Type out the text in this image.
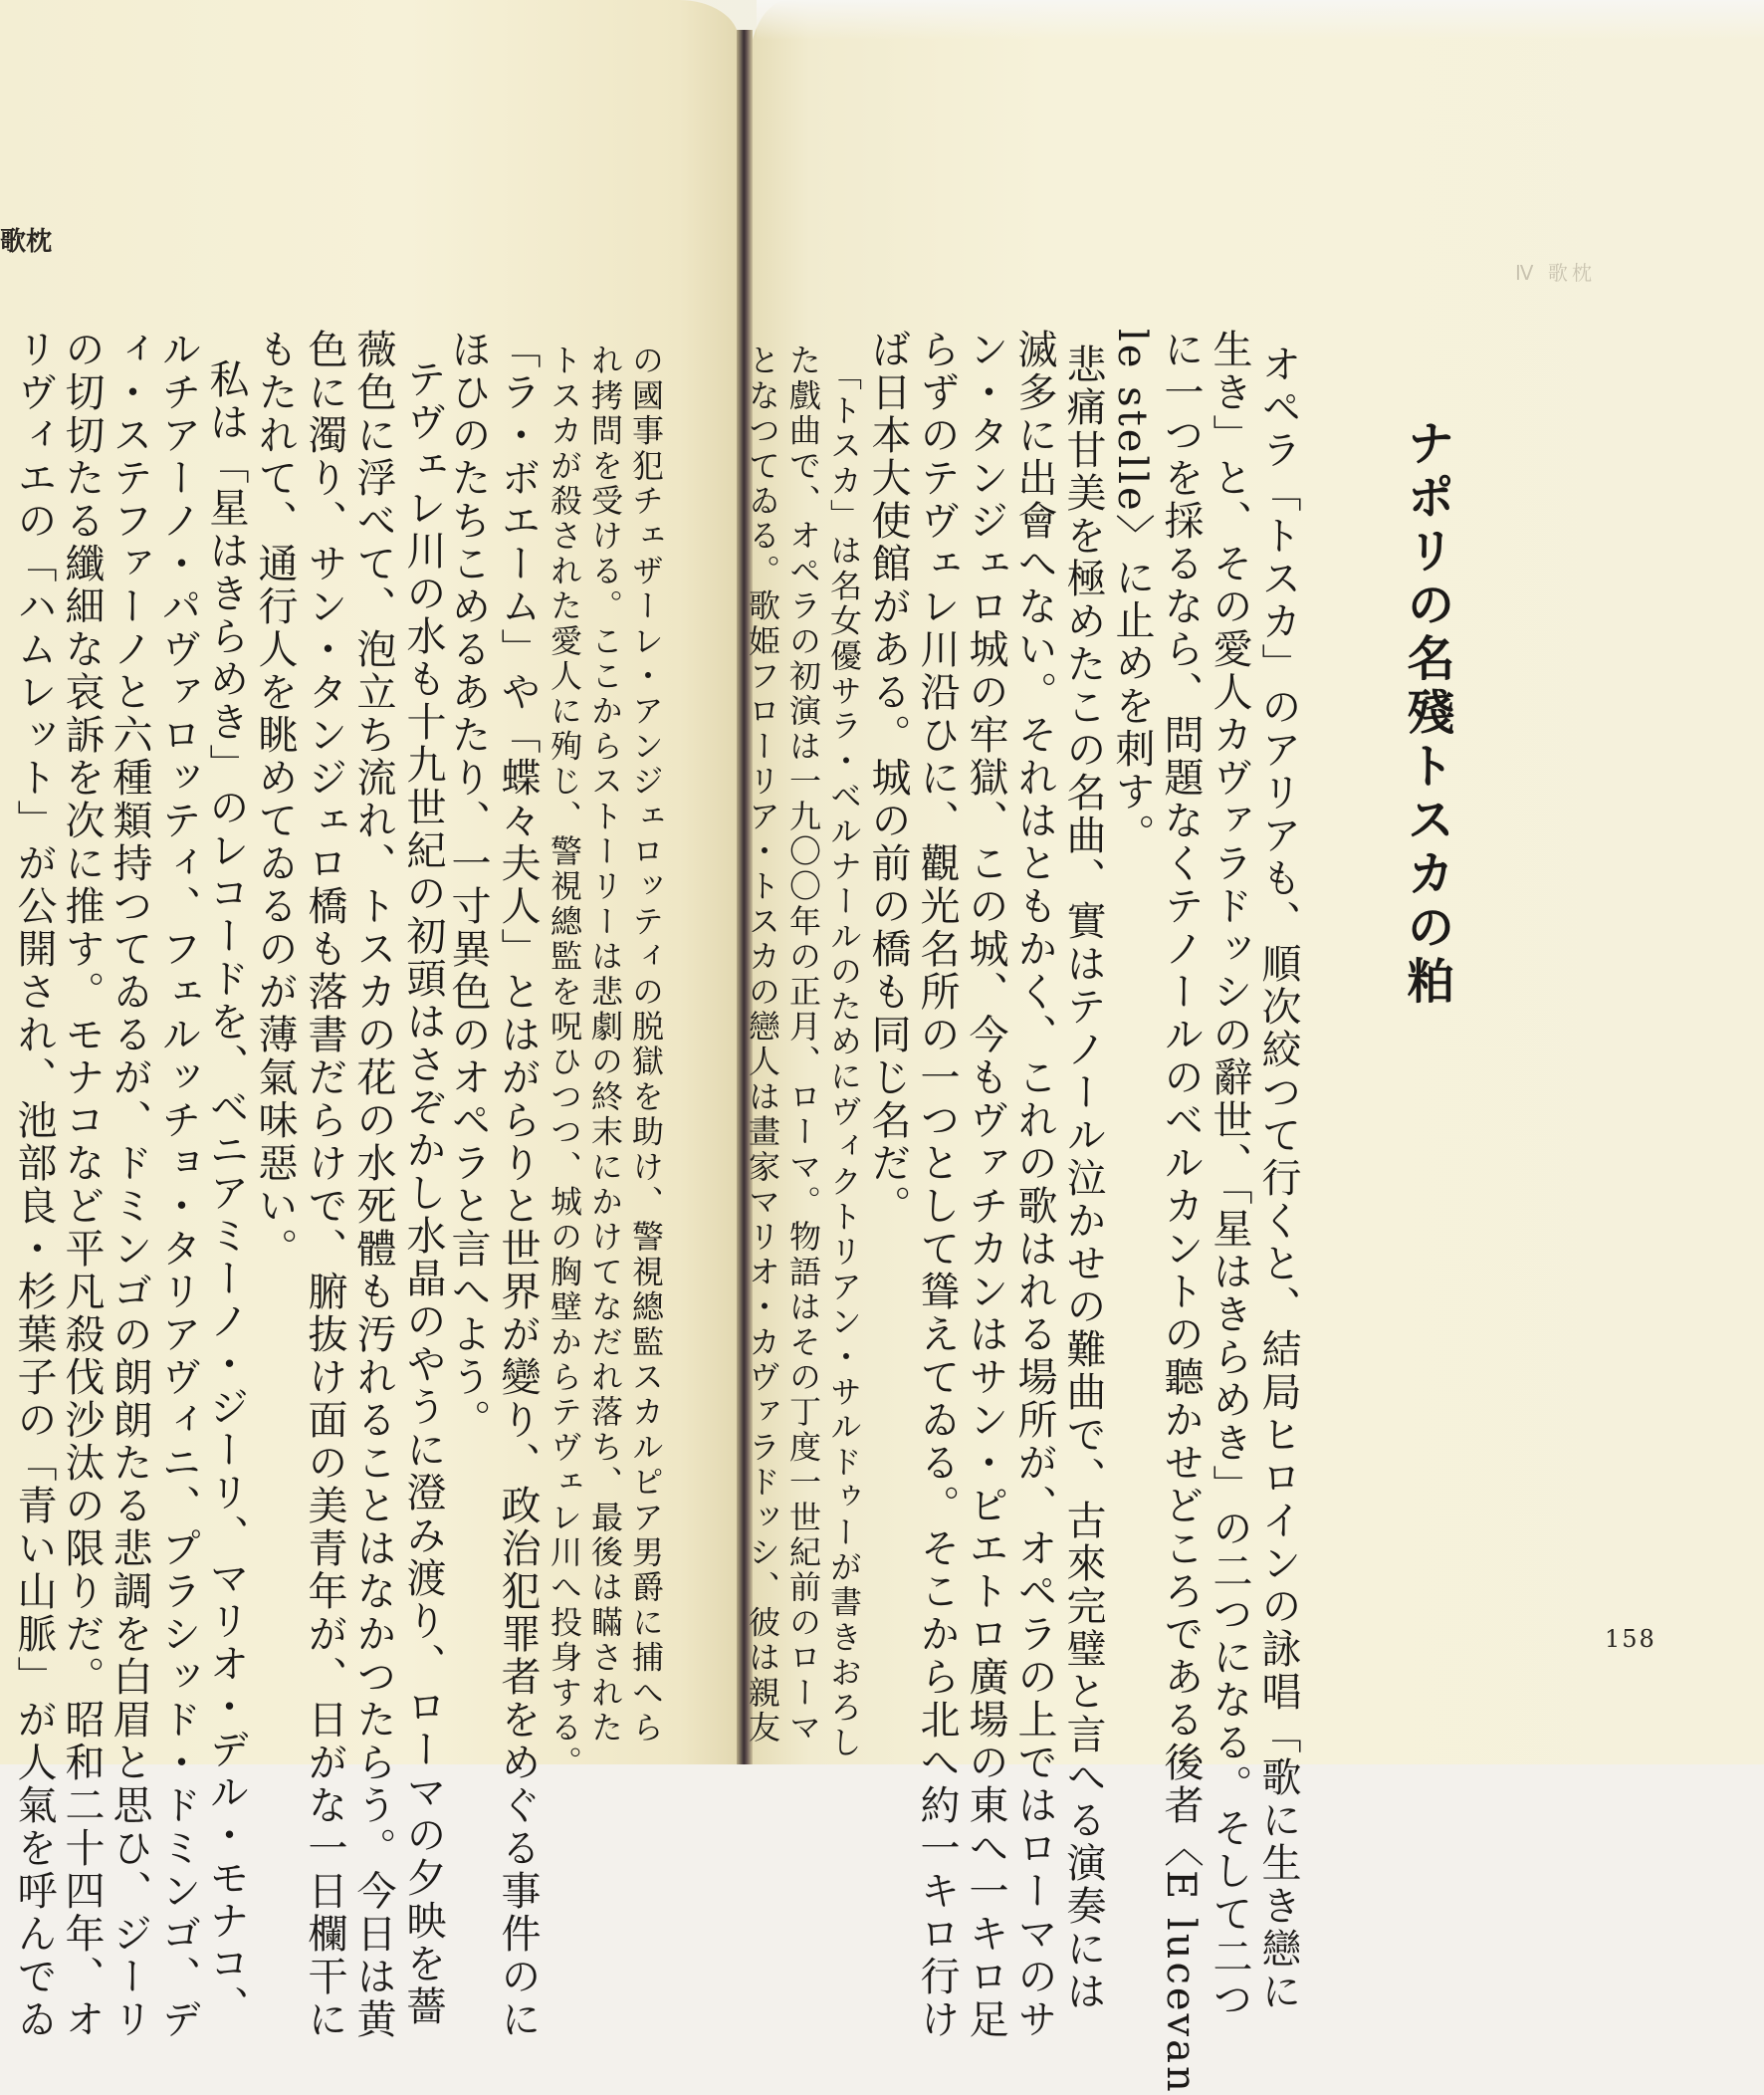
歌枕
Ⅳ 歌枕
158
の國事犯チェザーレ・アンジェロッティの脱獄を助け、警視總監スカルピア男爵に捕へら
れ拷問を受ける。ここからストーリーは悲劇の終末にかけてなだれ落ち、最後は瞞された
トスカが殺された愛人に殉じ、警視總監を呪ひつつ、城の胸壁からテヴェレ川へ投身する。
「ラ・ボエーム」や「蝶々夫人」とはがらりと世界が變り、政治犯罪者をめぐる事件のに
ほひのたちこめるあたり、一寸異色のオペラと言へよう。
テヴェレ川の水も十九世紀の初頭はさぞかし水晶のやうに澄み渡り、ローマの夕映を薔
薇色に浮べて、泡立ち流れ、トスカの花の水死體も汚れることはなかつたらう。今日は黄
色に濁り、サン・タンジェロ橋も落書だらけで、腑抜け面の美青年が、日がな一日欄干に
もたれて、通行人を眺めてゐるのが薄氣味惡い。
私は「星はきらめき」のレコードを、ベニアミーノ・ジーリ、マリオ・デル・モナコ、
ルチアーノ・パヴァロッティ、フェルッチョ・タリアヴィニ、プラシッド・ドミンゴ、デ
ィ・ステファーノと六種類持つてゐるが、ドミンゴの朗朗たる悲調を白眉と思ひ、ジーリ
の切切たる纖細な哀訴を次に推す。モナコなど平凡殺伐沙汰の限りだ。昭和二十四年、オ
リヴィエの「ハムレット」が公開され、池部良・杉葉子の「青い山脈」が人氣を呼んでゐ	ナポリの名殘トスカの粕
オペラ「トスカ」のアリアも、順次絞つて行くと、結局ヒロインの詠唱「歌に生き戀に
生き」と、その愛人カヴァラドッシの辭世、「星はきらめき」の二つになる。そして二つ
に一つを採るなら、問題なくテノールのベルカントの聽かせどころである後者〈E lucevan
le stelle〉に止めを刺す。
悲痛甘美を極めたこの名曲、實はテノール泣かせの難曲で、古來完璧と言へる演奏には
滅多に出會へない。それはともかく、これの歌はれる場所が、オペラの上ではローマのサ
ン・タンジェロ城の牢獄、この城、今もヴァチカンはサン・ピエトロ廣場の東へ一キロ足
らずのテヴェレ川沿ひに、觀光名所の一つとして聳えてゐる。そこから北へ約一キロ行け
ば日本大使館がある。城の前の橋も同じ名だ。
「トスカ」は名女優サラ・ベルナールのためにヴィクトリアン・サルドゥーが書きおろし
た戲曲で、オペラの初演は一九〇〇年の正月、ローマ。物語はその丁度一世紀前のローマ
となつてゐる。歌姫フローリア・トスカの戀人は畫家マリオ・カヴァラドッシ、彼は親友
